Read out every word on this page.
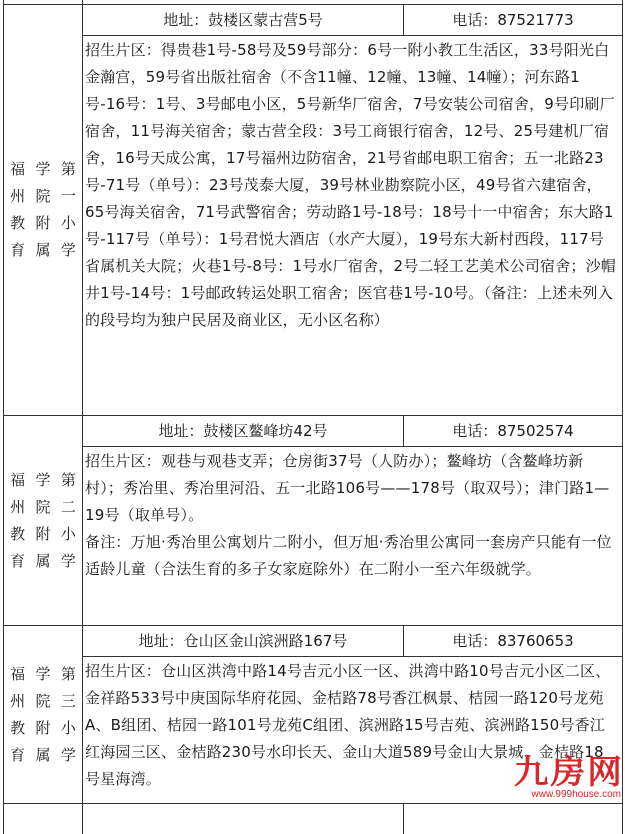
福州教育
学院附属
第一小学
地址：鼓楼区蒙古营5号	电话：87521773
招生片区：得贵巷1号-58号及59号部分：6号一附小教工生活区，33号阳光白金瀚宫，59号省出版社宿舍（不含11幢、12幢、13幢、14幢）；河东路1号-16号：1号、3号邮电小区，5号新华厂宿舍，7号安装公司宿舍，9号印刷厂宿舍，11号海关宿舍；蒙古营全段：3号工商银行宿舍，12号、25号建机厂宿舍，16号天成公寓，17号福州边防宿舍，21号省邮电职工宿舍；五一北路23号-71号（单号）：23号茂泰大厦，39号林业勘察院小区，49号省六建宿舍，65号海关宿舍，71号武警宿舍；劳动路1号-18号：18号十一中宿舍；东大路1号-117号（单号）：1号君悦大酒店（水产大厦），19号东大新村西段，117号省属机关大院；火巷1号-8号：1号水厂宿舍，2号二轻工艺美术公司宿舍；沙帽井1号-14号：1号邮政转运处职工宿舍；医官巷1号-10号。（备注：上述未列入的段号均为独户民居及商业区，无小区名称）
福州教育
学院附属
第二小学
地址：鼓楼区鳌峰坊42号	电话：87502574
招生片区：观巷与观巷支弄；仓房街37号（人防办）；鳌峰坊（含鳌峰坊新村）；秀冶里、秀冶里河沿、五一北路106号——178号（取双号）；津门路1—19号（取单号）。
备注：万旭·秀冶里公寓划片二附小，但万旭·秀冶里公寓同一套房产只能有一位适龄儿童（合法生育的多子女家庭除外）在二附小一至六年级就学。
福州教育
学院附属
第三小学
地址：仓山区金山滨洲路167号	电话：83760653
招生片区：仓山区洪湾中路14号吉元小区一区、洪湾中路10号吉元小区二区、金祥路533号中庚国际华府花园、金桔路78号香江枫景、桔园一路120号龙苑A、B组团、桔园一路101号龙苑C组团、滨洲路15号吉苑、滨洲路150号香江红海园三区、金桔路230号水印长天、金山大道589号金山大景城、金桔路18号星海湾。	九房网
www.999house.com
